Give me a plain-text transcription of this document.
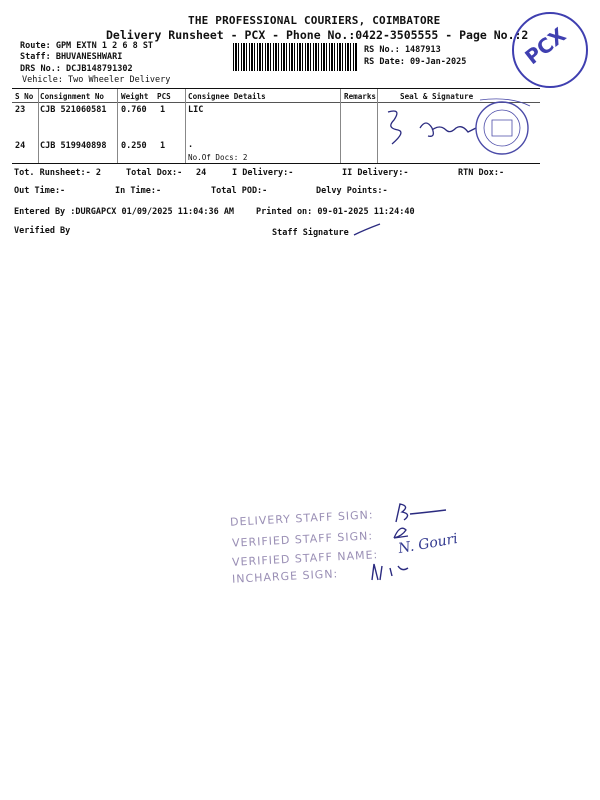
THE PROFESSIONAL COURIERS, COIMBATORE
Delivery Runsheet - PCX - Phone No.:0422-3505555 - Page No.:2
Route: GPM EXTN 1 2 6 8 ST
Staff: BHUVANESHWARI
DRS No.: DCJB148791302
Vehicle: Two Wheeler Delivery
RS No.: 1487913
RS Date: 09-Jan-2025	PCX
S No Consignment No Weight PCS Consignee Details	Remarks	Seal & Signature
23 CJB 521060581 0.760 1	LIC
24 CJB 519940898 0.250 1	.
No.Of Docs: 2
Tot. Runsheet:- 2	Total Dox:- 24	I Delivery:-	II Delivery:-	RTN Dox:-
Out Time:-	In Time:-	Total POD:-	Delvy Points:-
Entered By :DURGAPCX 01/09/2025 11:04:36 AM	Printed on: 09-01-2025 11:24:40
Verified By	Staff Signature
DELIVERY STAFF SIGN:
VERIFIED STAFF SIGN:
VERIFIED STAFF NAME:
INCHARGE SIGN:
N. Gouri
